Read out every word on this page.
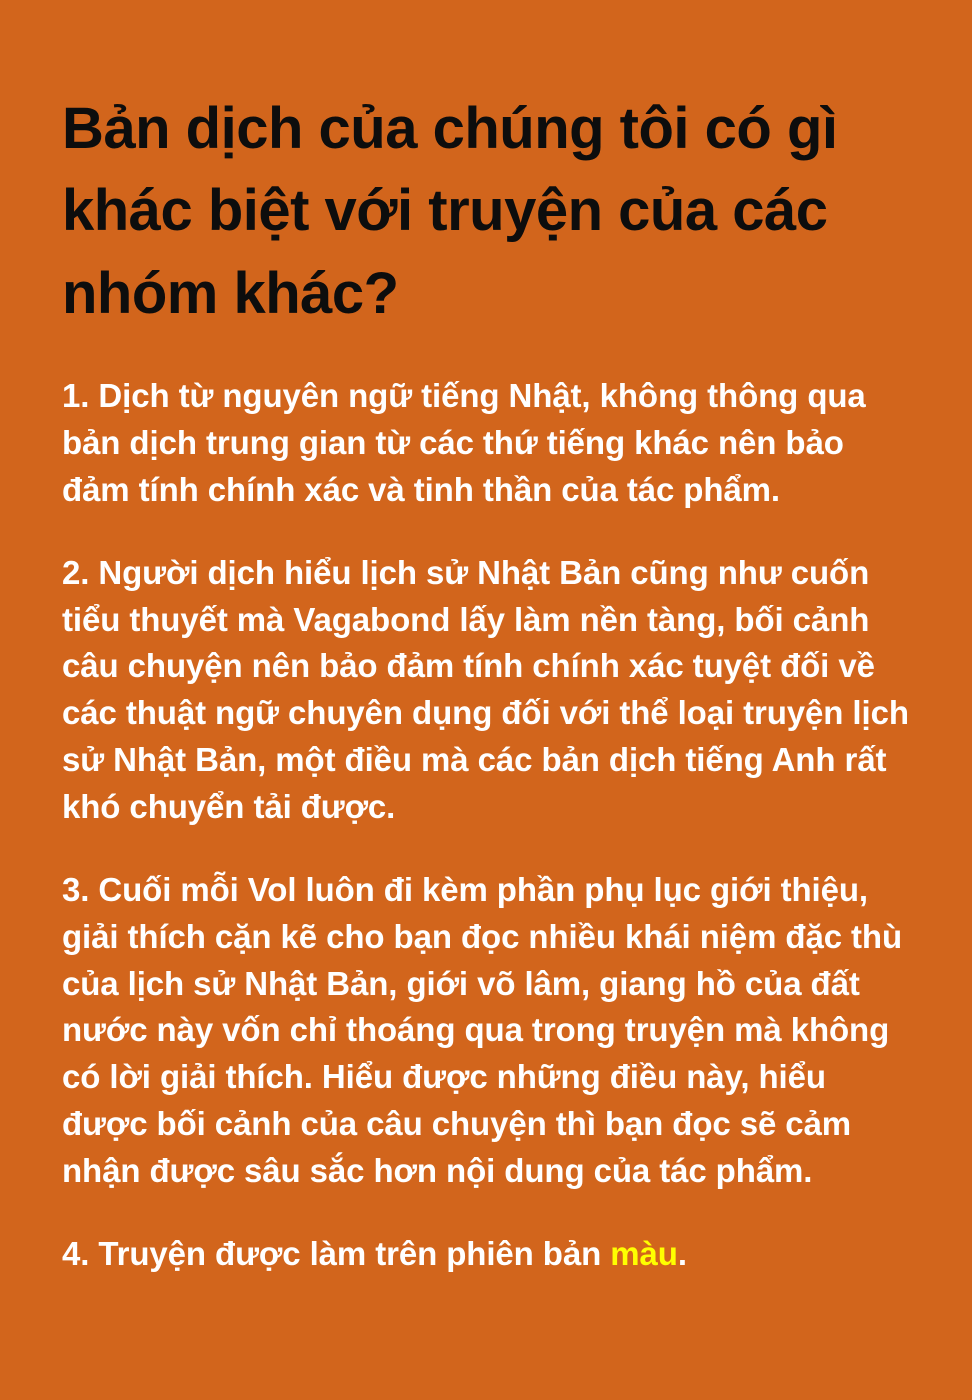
Bản dịch của chúng tôi có gì khác biệt với truyện của các nhóm khác?

1. Dịch từ nguyên ngữ tiếng Nhật, không thông qua bản dịch trung gian từ các thứ tiếng khác nên bảo đảm tính chính xác và tinh thần của tác phẩm.

2. Người dịch hiểu lịch sử Nhật Bản cũng như cuốn tiểu thuyết mà Vagabond lấy làm nền tàng, bối cảnh câu chuyện nên bảo đảm tính chính xác tuyệt đối về các thuật ngữ chuyên dụng đối với thể loại truyện lịch sử Nhật Bản, một điều mà các bản dịch tiếng Anh rất khó chuyển tải được.

3. Cuối mỗi Vol luôn đi kèm phần phụ lục giới thiệu, giải thích cặn kẽ cho bạn đọc nhiều khái niệm đặc thù của lịch sử Nhật Bản, giới võ lâm, giang hồ của đất nước này vốn chỉ thoáng qua trong truyện mà không có lời giải thích. Hiểu được những điều này, hiểu được bối cảnh của câu chuyện thì bạn đọc sẽ cảm nhận được sâu sắc hơn nội dung của tác phẩm.

4. Truyện được làm trên phiên bản màu.
